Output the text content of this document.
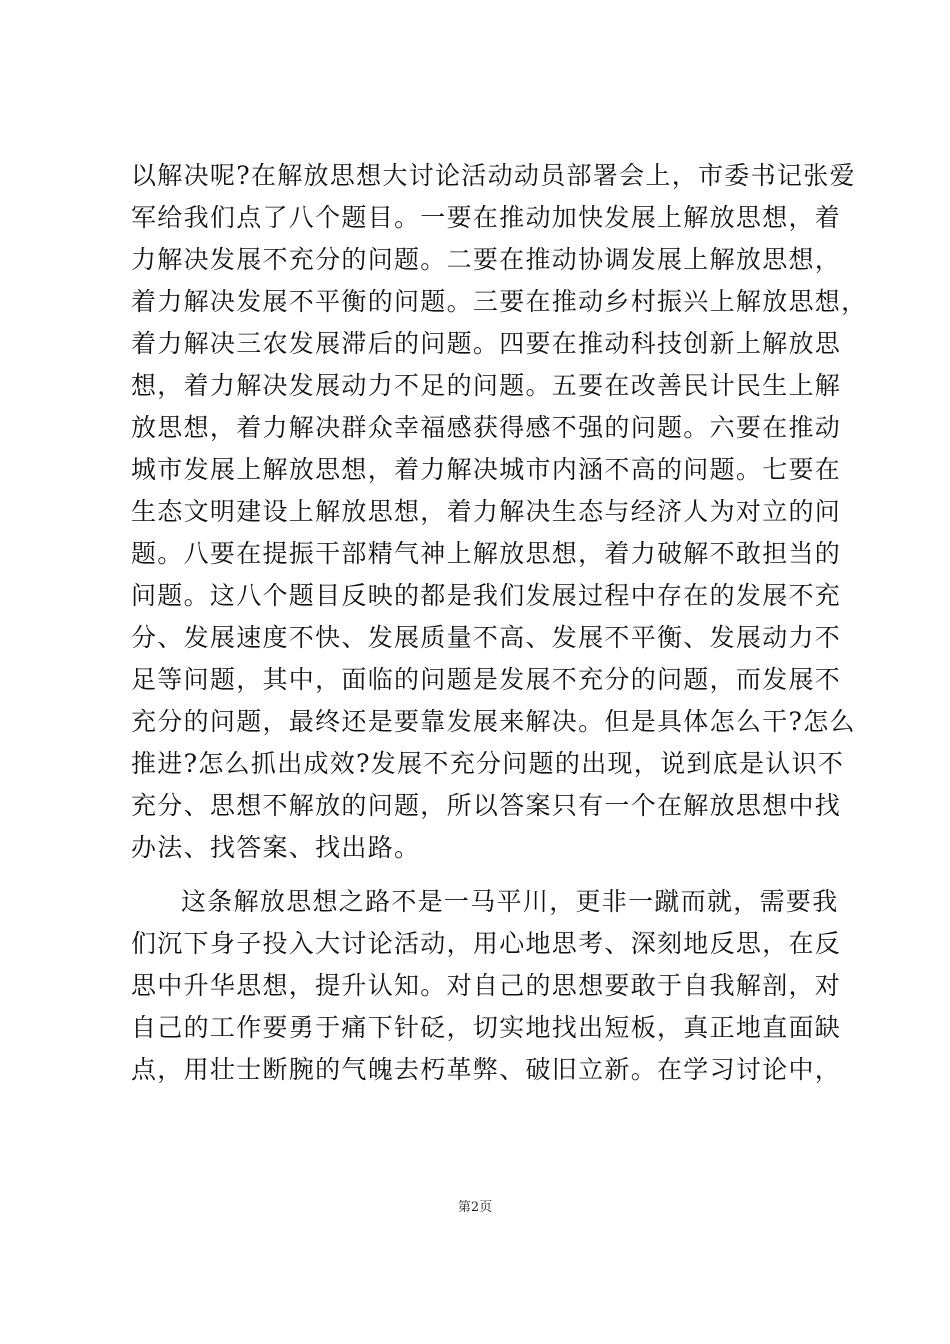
以解决呢?在解放思想大讨论活动动员部署会上，市委书记张爱
军给我们点了八个题目。一要在推动加快发展上解放思想，着
力解决发展不充分的问题。二要在推动协调发展上解放思想，
着力解决发展不平衡的问题。三要在推动乡村振兴上解放思想，
着力解决三农发展滞后的问题。四要在推动科技创新上解放思
想，着力解决发展动力不足的问题。五要在改善民计民生上解
放思想，着力解决群众幸福感获得感不强的问题。六要在推动
城市发展上解放思想，着力解决城市内涵不高的问题。七要在
生态文明建设上解放思想，着力解决生态与经济人为对立的问
题。八要在提振干部精气神上解放思想，着力破解不敢担当的
问题。这八个题目反映的都是我们发展过程中存在的发展不充
分、发展速度不快、发展质量不高、发展不平衡、发展动力不
足等问题，其中，面临的问题是发展不充分的问题，而发展不
充分的问题，最终还是要靠发展来解决。但是具体怎么干?怎么
推进?怎么抓出成效?发展不充分问题的出现，说到底是认识不
充分、思想不解放的问题，所以答案只有一个在解放思想中找
办法、找答案、找出路。
这条解放思想之路不是一马平川，更非一蹴而就，需要我
们沉下身子投入大讨论活动，用心地思考、深刻地反思，在反
思中升华思想，提升认知。对自己的思想要敢于自我解剖，对
自己的工作要勇于痛下针砭，切实地找出短板，真正地直面缺
点，用壮士断腕的气魄去朽革弊、破旧立新。在学习讨论中，
第2页
